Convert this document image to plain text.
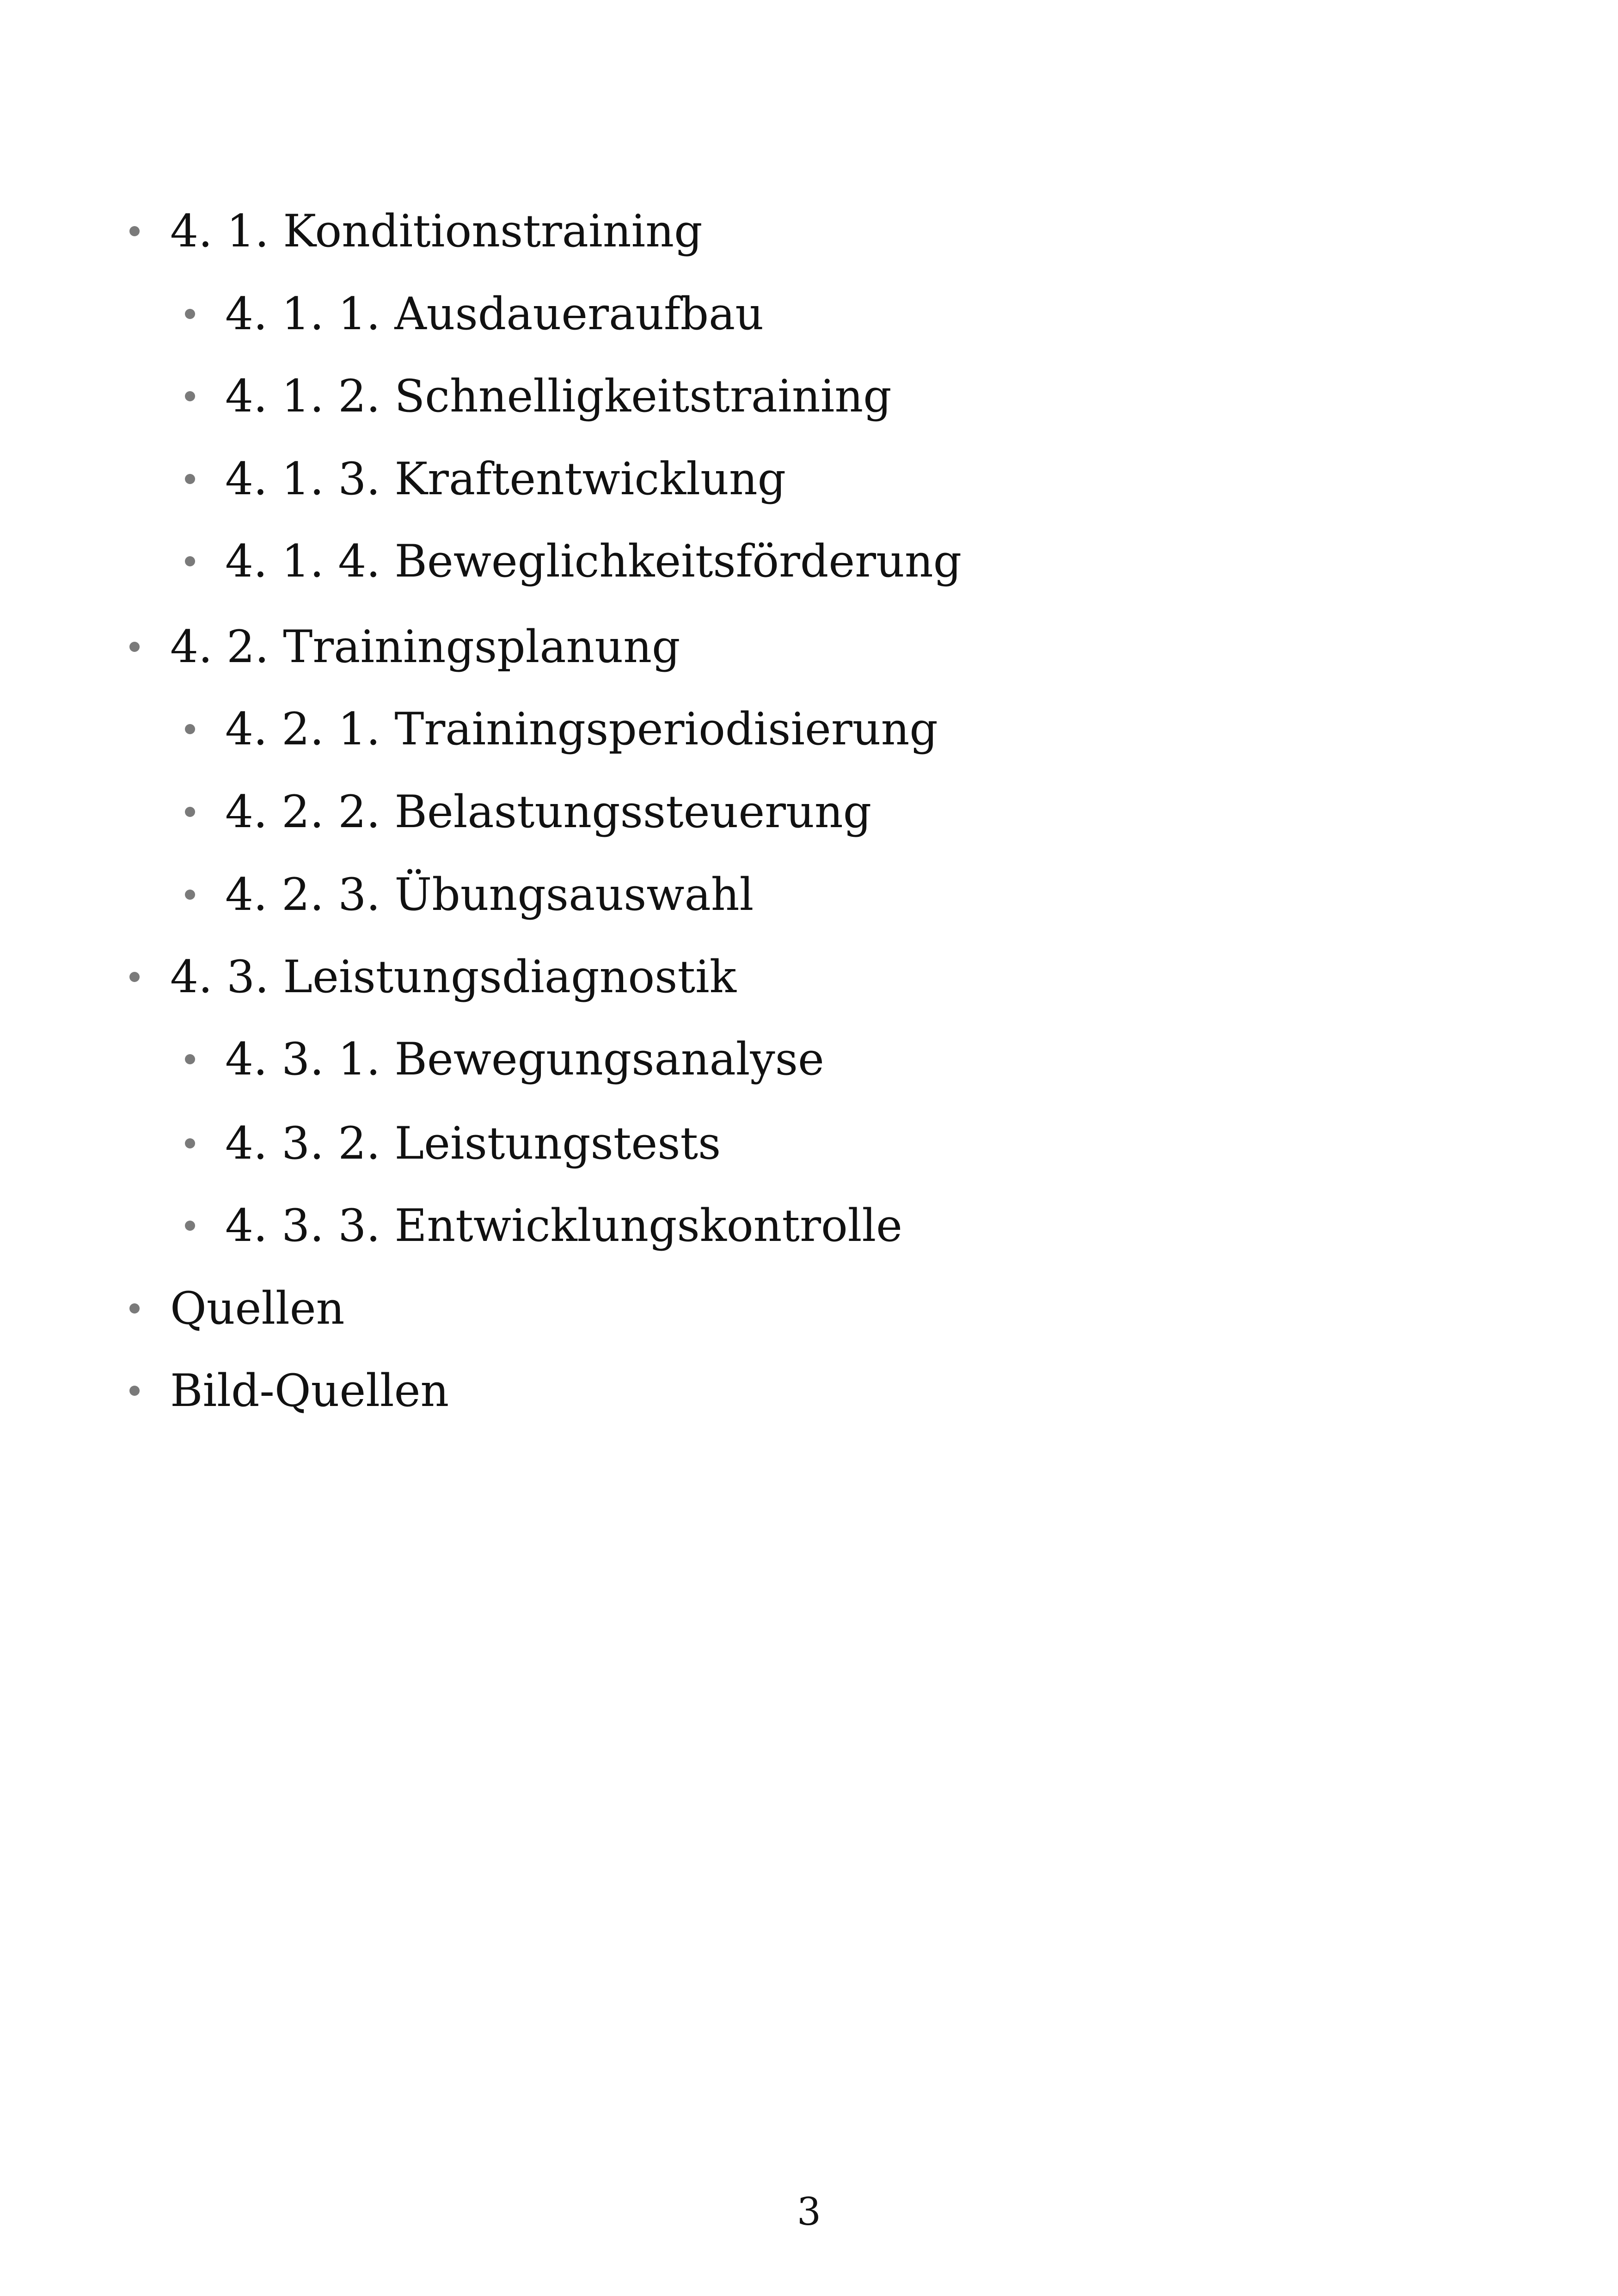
4. 1. Konditionstraining
4. 1. 1. Ausdaueraufbau
4. 1. 2. Schnelligkeitstraining
4. 1. 3. Kraftentwicklung
4. 1. 4. Beweglichkeitsförderung
4. 2. Trainingsplanung
4. 2. 1. Trainingsperiodisierung
4. 2. 2. Belastungssteuerung
4. 2. 3. Übungsauswahl
4. 3. Leistungsdiagnostik
4. 3. 1. Bewegungsanalyse
4. 3. 2. Leistungstests
4. 3. 3. Entwicklungskontrolle
Quellen
Bild-Quellen
3
